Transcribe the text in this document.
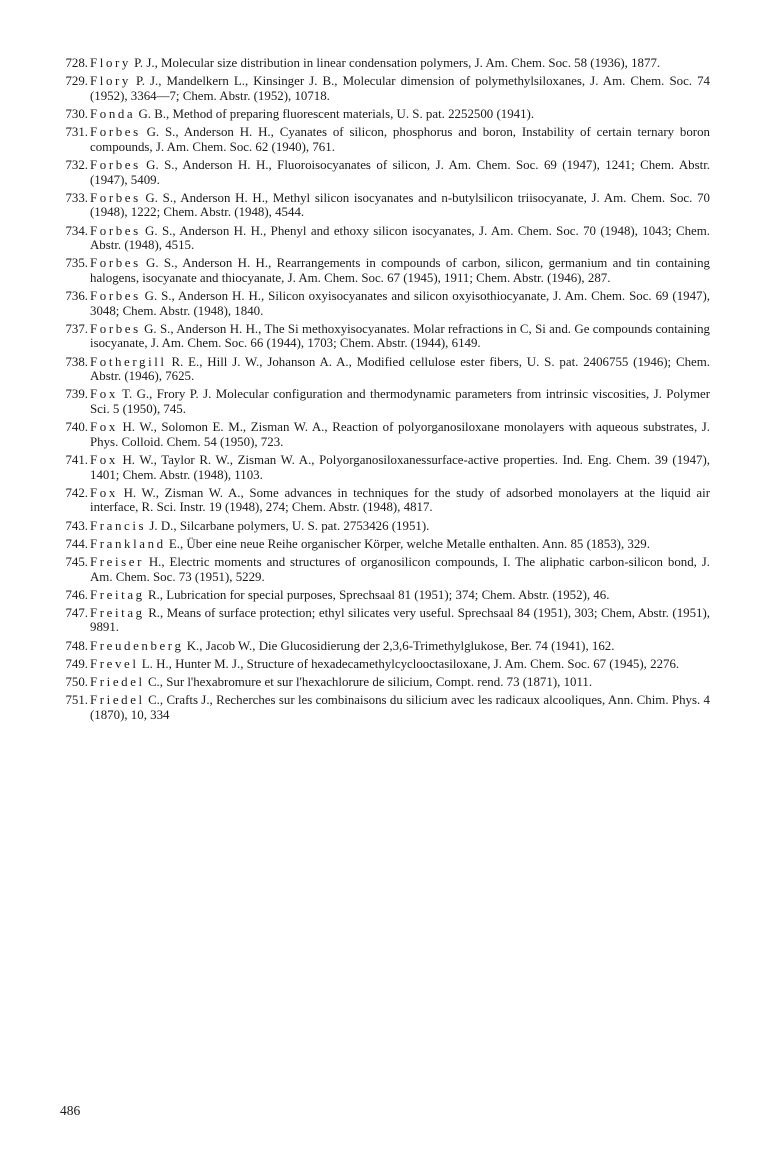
728. Flory P. J., Molecular size distribution in linear condensation polymers, J. Am. Chem. Soc. 58 (1936), 1877.
729. Flory P. J., Mandelkern L., Kinsinger J. B., Molecular dimension of polymethylsiloxanes, J. Am. Chem. Soc. 74 (1952), 3364—7; Chem. Abstr. (1952), 10718.
730. Fonda G. B., Method of preparing fluorescent materials, U. S. pat. 2252500 (1941).
731. Forbes G. S., Anderson H. H., Cyanates of silicon, phosphorus and boron, Instability of certain ternary boron compounds, J. Am. Chem. Soc. 62 (1940), 761.
732. Forbes G. S., Anderson H. H., Fluoroisocyanates of silicon, J. Am. Chem. Soc. 69 (1947), 1241; Chem. Abstr. (1947), 5409.
733. Forbes G. S., Anderson H. H., Methyl silicon isocyanates and n-butylsilicon triisocyanate, J. Am. Chem. Soc. 70 (1948), 1222; Chem. Abstr. (1948), 4544.
734. Forbes G. S., Anderson H. H., Phenyl and ethoxy silicon isocyanates, J. Am. Chem. Soc. 70 (1948), 1043; Chem. Abstr. (1948), 4515.
735. Forbes G. S., Anderson H. H., Rearrangements in compounds of carbon, silicon, germanium and tin containing halogens, isocyanate and thiocyanate, J. Am. Chem. Soc. 67 (1945), 1911; Chem. Abstr. (1946), 287.
736. Forbes G. S., Anderson H. H., Silicon oxyisocyanates and silicon oxyisothiocyanate, J. Am. Chem. Soc. 69 (1947), 3048; Chem. Abstr. (1948), 1840.
737. Forbes G. S., Anderson H. H., The Si methoxyisocyanates. Molar refractions in C, Si and. Ge compounds containing isocyanate, J. Am. Chem. Soc. 66 (1944), 1703; Chem. Abstr. (1944), 6149.
738. Fothergill R. E., Hill J. W., Johanson A. A., Modified cellulose ester fibers, U. S. pat. 2406755 (1946); Chem. Abstr. (1946), 7625.
739. Fox T. G., Frory P. J. Molecular configuration and thermodynamic parameters from intrinsic viscosities, J. Polymer Sci. 5 (1950), 745.
740. Fox H. W., Solomon E. M., Zisman W. A., Reaction of polyorganosiloxane monolayers with aqueous substrates, J. Phys. Colloid. Chem. 54 (1950), 723.
741. Fox H. W., Taylor R. W., Zisman W. A., Polyorganosiloxanessurface-active properties. Ind. Eng. Chem. 39 (1947), 1401; Chem. Abstr. (1948), 1103.
742. Fox H. W., Zisman W. A., Some advances in techniques for the study of adsorbed monolayers at the liquid air interface, R. Sci. Instr. 19 (1948), 274; Chem. Abstr. (1948), 4817.
743. Francis J. D., Silcarbane polymers, U. S. pat. 2753426 (1951).
744. Frankland E., Über eine neue Reihe organischer Körper, welche Metalle enthalten. Ann. 85 (1853), 329.
745. Freiser H., Electric moments and structures of organosilicon compounds, I. The aliphatic carbon-silicon bond, J. Am. Chem. Soc. 73 (1951), 5229.
746. Freitag R., Lubrication for special purposes, Sprechsaal 81 (1951); 374; Chem. Abstr. (1952), 46.
747. Freitag R., Means of surface protection; ethyl silicates very useful. Sprechsaal 84 (1951), 303; Chem, Abstr. (1951), 9891.
748. Freudenberg K., Jacob W., Die Glucosidierung der 2,3,6-Trimethylglukose, Ber. 74 (1941), 162.
749. Frevel L. H., Hunter M. J., Structure of hexadecamethylcyclooctasiloxane, J. Am. Chem. Soc. 67 (1945), 2276.
750. Friedel C., Sur l'hexabromure et sur l'hexachlorure de silicium, Compt. rend. 73 (1871), 1011.
751. Friedel C., Crafts J., Recherches sur les combinaisons du silicium avec les radicaux alcooliques, Ann. Chim. Phys. 4 (1870), 10, 334
486
